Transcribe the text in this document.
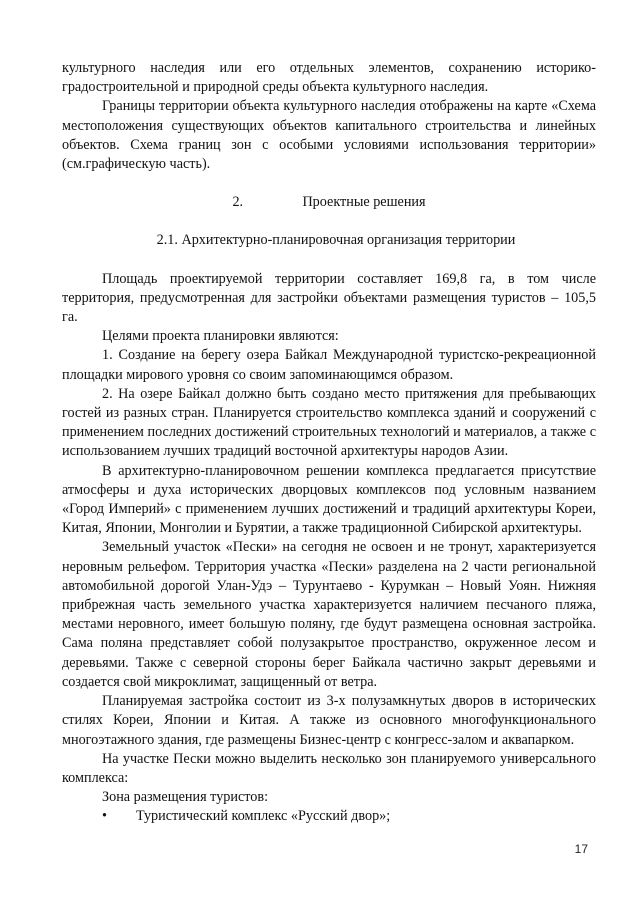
культурного наследия или его отдельных элементов, сохранению историко-градостроительной и природной среды объекта культурного наследия.

Границы территории объекта культурного наследия отображены на карте «Схема местоположения существующих объектов капитального строительства и линейных объектов. Схема границ зон с особыми условиями использования территории» (см.графическую часть).

2.	Проектные решения

2.1. Архитектурно-планировочная организация территории

Площадь проектируемой территории составляет 169,8 га, в том числе территория, предусмотренная для застройки объектами размещения туристов – 105,5 га.

Целями проекта планировки являются:

1. Создание на берегу озера Байкал Международной туристско-рекреационной площадки мирового уровня со своим запоминающимся образом.

2. На озере Байкал должно быть создано место притяжения для пребывающих гостей из разных стран. Планируется строительство комплекса зданий и сооружений с применением последних достижений строительных технологий и материалов, а также с использованием лучших традиций восточной архитектуры народов Азии.

В архитектурно-планировочном решении комплекса предлагается присутствие атмосферы и духа исторических дворцовых комплексов под условным названием «Город Империй» с применением лучших достижений и традиций архитектуры Кореи, Китая, Японии, Монголии и Бурятии, а также традиционной Сибирской архитектуры.

Земельный участок «Пески» на сегодня не освоен и не тронут, характеризуется неровным рельефом. Территория участка «Пески» разделена на 2 части региональной автомобильной дорогой Улан-Удэ – Турунтаево - Курумкан – Новый Уоян. Нижняя прибрежная часть земельного участка характеризуется наличием песчаного пляжа, местами неровного, имеет большую поляну, где будут размещена основная застройка. Сама поляна представляет собой полузакрытое пространство, окруженное лесом и деревьями. Также с северной стороны берег Байкала частично закрыт деревьями и создается свой микроклимат, защищенный от ветра.

Планируемая застройка состоит из 3-х полузамкнутых дворов в исторических стилях Кореи, Японии и Китая. А также из основного многофункционального многоэтажного здания, где размещены Бизнес-центр с конгресс-залом и аквапарком.

На участке Пески можно выделить несколько зон планируемого универсального комплекса:

Зона размещения туристов:

•	Туристический комплекс «Русский двор»;
17
